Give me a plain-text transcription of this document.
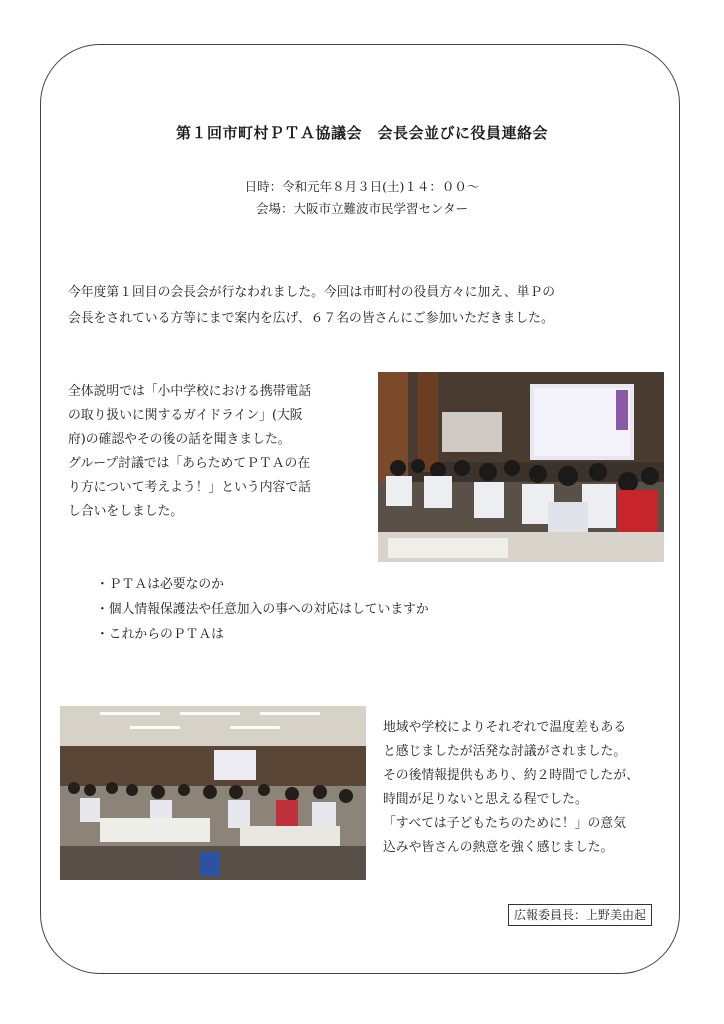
第１回市町村ＰＴＡ協議会　会長会並びに役員連絡会
日時：令和元年８月３日(土)１４：００～
会場：大阪市立難波市民学習センター
今年度第１回目の会長会が行なわれました。今回は市町村の役員方々に加え、単Ｐの
会長をされている方等にまで案内を広げ、６７名の皆さんにご参加いただきました。
全体説明では「小中学校における携帯電話
の取り扱いに関するガイドライン」(大阪
府)の確認やその後の話を聞きました。
グループ討議では「あらためてＰＴＡの在
り方について考えよう！」という内容で話
し合いをしました。
・ＰＴＡは必要なのか
・個人情報保護法や任意加入の事への対応はしていますか
・これからのＰＴＡは
地域や学校によりそれぞれで温度差もある
と感じましたが活発な討議がされました。
その後情報提供もあり、約２時間でしたが、
時間が足りないと思える程でした。
「すべては子どもたちのために！」の意気
込みや皆さんの熱意を強く感じました。
広報委員長：上野美由起
